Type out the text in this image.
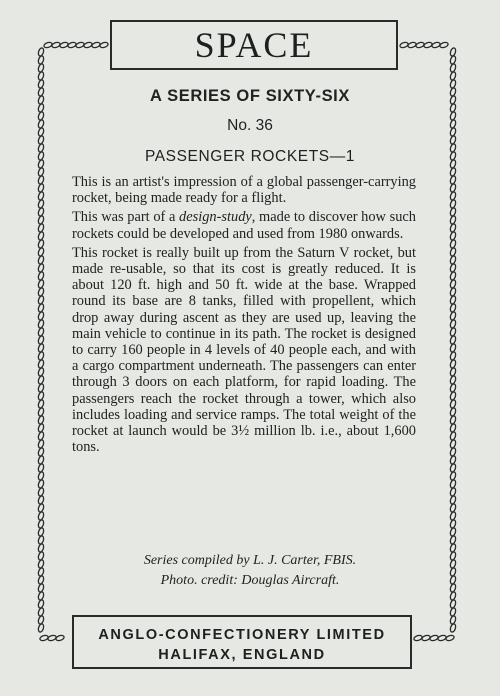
SPACE
A SERIES OF SIXTY-SIX
No. 36
PASSENGER ROCKETS—1

This is an artist's impression of a global passenger-carrying rocket, being made ready for a flight.

This was part of a design-study, made to discover how such rockets could be developed and used from 1980 onwards.

This rocket is really built up from the Saturn V rocket, but made re-usable, so that its cost is greatly reduced. It is about 120 ft. high and 50 ft. wide at the base. Wrapped round its base are 8 tanks, filled with propellent, which drop away during ascent as they are used up, leaving the main vehicle to continue in its path. The rocket is designed to carry 160 people in 4 levels of 40 people each, and with a cargo compartment underneath. The passengers can enter through 3 doors on each platform, for rapid loading. The passengers reach the rocket through a tower, which also includes loading and service ramps. The total weight of the rocket at launch would be 3½ million lb. i.e., about 1,600 tons.

Series compiled by L. J. Carter, FBIS.
Photo. credit: Douglas Aircraft.
ANGLO-CONFECTIONERY LIMITED
HALIFAX, ENGLAND
